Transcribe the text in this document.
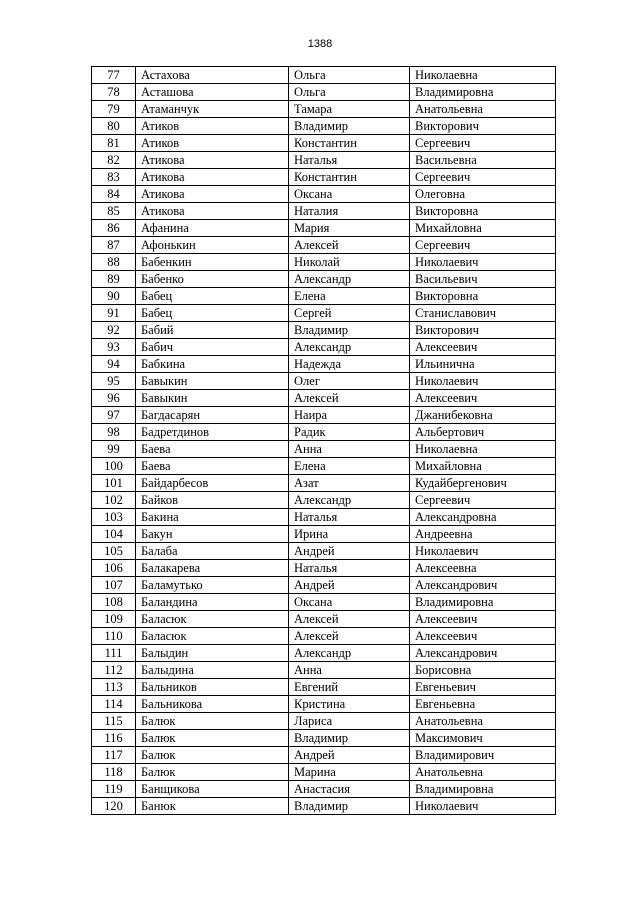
1388
77	Астахова	Ольга	Николаевна
78	Асташова	Ольга	Владимировна
79	Атаманчук	Тамара	Анатольевна
80	Атиков	Владимир	Викторович
81	Атиков	Константин	Сергеевич
82	Атикова	Наталья	Васильевна
83	Атикова	Константин	Сергеевич
84	Атикова	Оксана	Олеговна
85	Атикова	Наталия	Викторовна
86	Афанина	Мария	Михайловна
87	Афонькин	Алексей	Сергеевич
88	Бабенкин	Николай	Николаевич
89	Бабенко	Александр	Васильевич
90	Бабец	Елена	Викторовна
91	Бабец	Сергей	Станиславович
92	Бабий	Владимир	Викторович
93	Бабич	Александр	Алексеевич
94	Бабкина	Надежда	Ильинична
95	Бавыкин	Олег	Николаевич
96	Бавыкин	Алексей	Алексеевич
97	Багдасарян	Наира	Джанибековна
98	Бадретдинов	Радик	Альбертович
99	Баева	Анна	Николаевна
100	Баева	Елена	Михайловна
101	Байдарбесов	Азат	Кудайбергенович
102	Байков	Александр	Сергеевич
103	Бакина	Наталья	Александровна
104	Бакун	Ирина	Андреевна
105	Балаба	Андрей	Николаевич
106	Балакарева	Наталья	Алексеевна
107	Баламутько	Андрей	Александрович
108	Баландина	Оксана	Владимировна
109	Баласюк	Алексей	Алексеевич
110	Баласюк	Алексей	Алексеевич
111	Балыдин	Александр	Александрович
112	Балыдина	Анна	Борисовна
113	Бальников	Евгений	Евгеньевич
114	Бальникова	Кристина	Евгеньевна
115	Балюк	Лариса	Анатольевна
116	Балюк	Владимир	Максимович
117	Балюк	Андрей	Владимирович
118	Балюк	Марина	Анатольевна
119	Банщикова	Анастасия	Владимировна
120	Банюк	Владимир	Николаевич
